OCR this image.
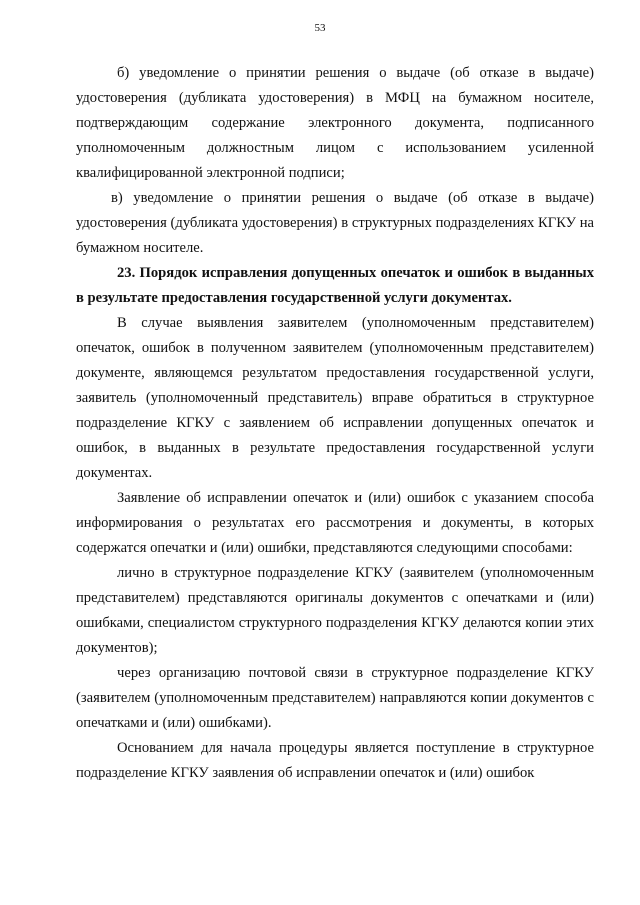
53

б) уведомление о принятии решения о выдаче (об отказе в выдаче) удостоверения (дубликата удостоверения) в МФЦ на бумажном носителе, подтверждающим содержание электронного документа, подписанного уполномоченным должностным лицом с использованием усиленной квалифицированной электронной подписи;

в) уведомление о принятии решения о выдаче (об отказе в выдаче) удостоверения (дубликата удостоверения) в структурных подразделениях КГКУ на бумажном носителе.

23. Порядок исправления допущенных опечаток и ошибок в выданных в результате предоставления государственной услуги документах.

В случае выявления заявителем (уполномоченным представителем) опечаток, ошибок в полученном заявителем (уполномоченным представителем) документе, являющемся результатом предоставления государственной услуги, заявитель (уполномоченный представитель) вправе обратиться в структурное подразделение КГКУ с заявлением об исправлении допущенных опечаток и ошибок, в выданных в результате предоставления государственной услуги документах.

Заявление об исправлении опечаток и (или) ошибок с указанием способа информирования о результатах его рассмотрения и документы, в которых содержатся опечатки и (или) ошибки, представляются следующими способами:

лично в структурное подразделение КГКУ (заявителем (уполномоченным представителем) представляются оригиналы документов с опечатками и (или) ошибками, специалистом структурного подразделения КГКУ делаются копии этих документов);

через организацию почтовой связи в структурное подразделение КГКУ (заявителем (уполномоченным представителем) направляются копии документов с опечатками и (или) ошибками).

Основанием для начала процедуры является поступление в структурное подразделение КГКУ заявления об исправлении опечаток и (или) ошибок
